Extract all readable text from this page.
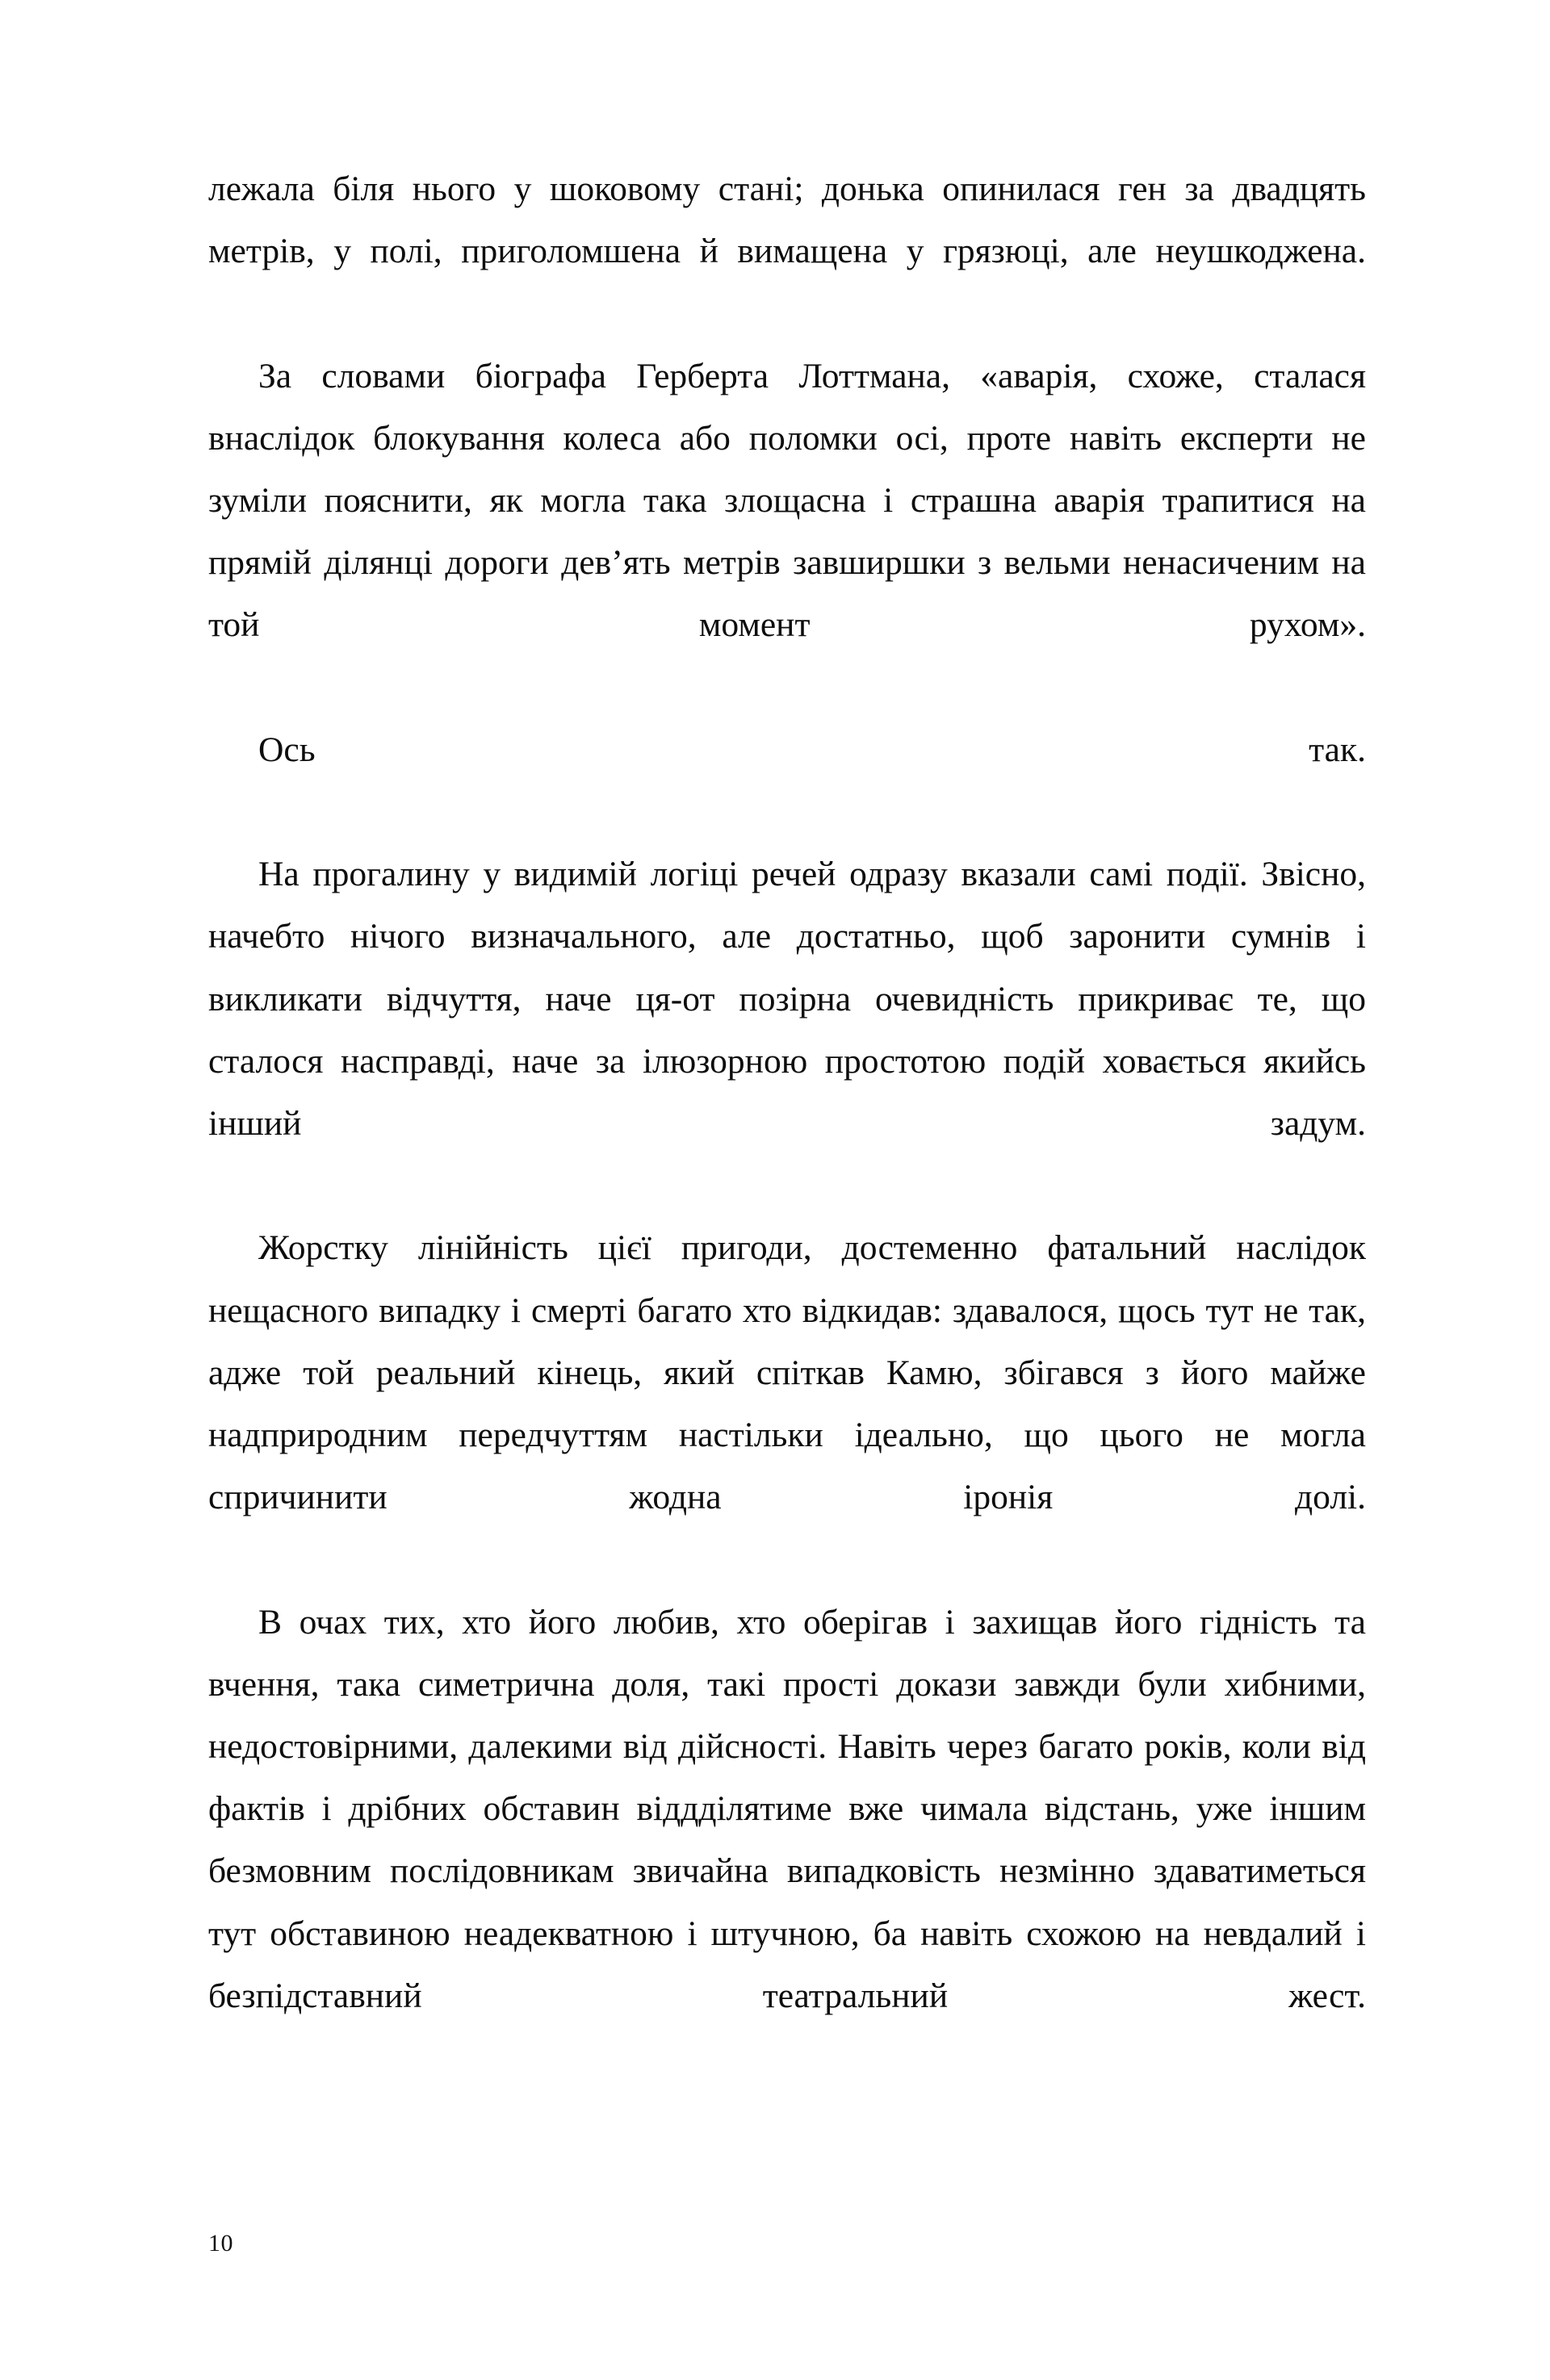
лежала біля нього у шоковому стані; донька опинилася ген за двадцять метрів, у полі, приголомшена й вимащена у грязюці, але неушкоджена.

За словами біографа Герберта Лоттмана, «аварія, схоже, сталася внаслідок блокування колеса або поломки осі, проте навіть експерти не зуміли пояснити, як могла така злощасна і страшна аварія трапитися на прямій ділянці дороги дев’ять метрів завширшки з вельми ненасиченим на той момент рухом».

Ось так.

На прогалину у видимій логіці речей одразу вказали самі події. Звісно, начебто нічого визначального, але достатньо, щоб заронити сумнів і викликати відчуття, наче ця-от позірна очевидність прикриває те, що сталося насправді, наче за ілюзорною простотою подій ховається якийсь інший задум.

Жорстку лінійність цієї пригоди, достеменно фатальний наслідок нещасного випадку і смерті багато хто відкидав: здавалося, щось тут не так, адже той реальний кінець, який спіткав Камю, збігався з його майже надприродним передчуттям настільки ідеально, що цього не могла спричинити жодна іронія долі.

В очах тих, хто його любив, хто оберігав і захищав його гідність та вчення, така симетрична доля, такі прості докази завжди були хибними, недостовірними, далекими від дійсності. Навіть через багато років, коли від фактів і дрібних обставин віддділятиме вже чимала відстань, уже іншим безмовним послідовникам звичайна випадковість незмінно здаватиметься тут обставиною неадекватною і штучною, ба навіть схожою на невдалий і безпідставний театральний жест.

10
